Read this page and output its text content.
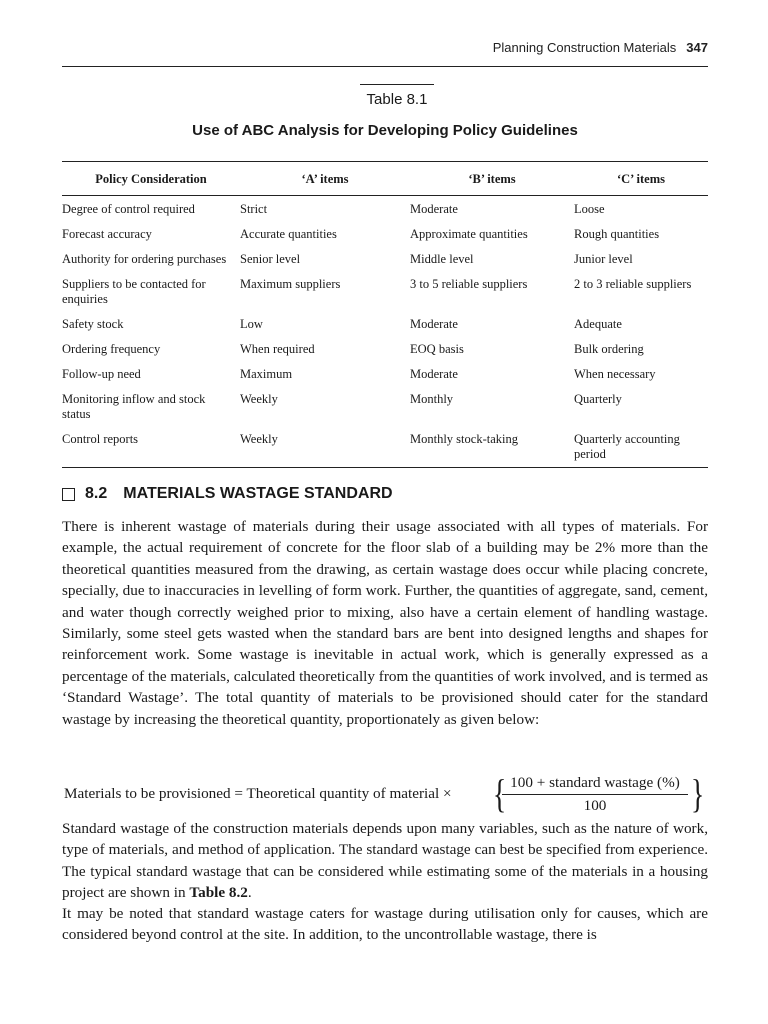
Planning Construction Materials 347
Table 8.1
Use of ABC Analysis for Developing Policy Guidelines
Policy Consideration	‘A’ items	‘B’ items	‘C’ items
Degree of control required	Strict	Moderate	Loose
Forecast accuracy	Accurate quantities	Approximate quantities	Rough quantities
Authority for ordering purchases	Senior level	Middle level	Junior level
Suppliers to be contacted for enquiries	Maximum suppliers	3 to 5 reliable suppliers	2 to 3 reliable suppliers
Safety stock	Low	Moderate	Adequate
Ordering frequency	When required	EOQ basis	Bulk ordering
Follow-up need	Maximum	Moderate	When necessary
Monitoring inflow and stock status	Weekly	Monthly	Quarterly
Control reports	Weekly	Monthly stock-taking	Quarterly accounting period
8.2 MATERIALS WASTAGE STANDARD

There is inherent wastage of materials during their usage associated with all types of materials. For example, the actual requirement of concrete for the floor slab of a building may be 2% more than the theoretical quantities measured from the drawing, as certain wastage does occur while placing concrete, specially, due to inaccuracies in levelling of form work. Further, the quantities of aggregate, sand, cement, and water though correctly weighed prior to mixing, also have a certain element of handling wastage. Similarly, some steel gets wasted when the standard bars are bent into designed lengths and shapes for reinforcement work. Some wastage is inevitable in actual work, which is generally expressed as a percentage of the materials, calculated theoretically from the quantities of work involved, and is termed as ‘Standard Wastage’. The total quantity of materials to be provisioned should cater for the standard wastage by increasing the theoretical quantity, proportionately as given below:

Materials to be provisioned = Theoretical quantity of material × { 100 + standard wastage (%)
100	}

Standard wastage of the construction materials depends upon many variables, such as the nature of work, type of materials, and method of application. The standard wastage can best be specified from experience. The typical standard wastage that can be considered while estimating some of the materials in a housing project are shown in Table 8.2.

It may be noted that standard wastage caters for wastage during utilisation only for causes, which are considered beyond control at the site. In addition, to the uncontrollable wastage, there is
